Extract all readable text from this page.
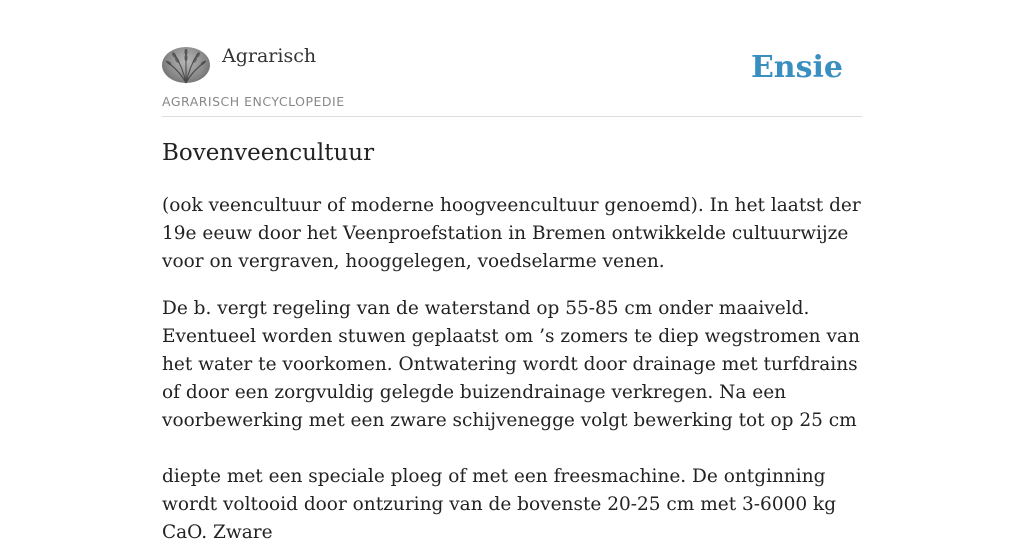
Agrarisch
AGRARISCH ENCYCLOPEDIE
Ensie
Bovenveencultuur

(ook veencultuur of moderne hoogveencultuur genoemd). In het laatst der 19e eeuw door het Veenproefstation in Bremen ontwikkelde cultuurwijze voor on vergraven, hooggelegen, voedselarme venen.

De b. vergt regeling van de waterstand op 55-85 cm onder maaiveld. Eventueel worden stuwen geplaatst om ’s zomers te diep wegstromen van het water te voorkomen. Ontwatering wordt door drainage met turfdrains of door een zorgvuldig gelegde buizendrainage verkregen. Na een voorbewerking met een zware schijvenegge volgt bewerking tot op 25 cm

diepte met een speciale ploeg of met een freesmachine. De ontginning wordt voltooid door ontzuring van de bovenste 20-25 cm met 3-6000 kg CaO. Zware
